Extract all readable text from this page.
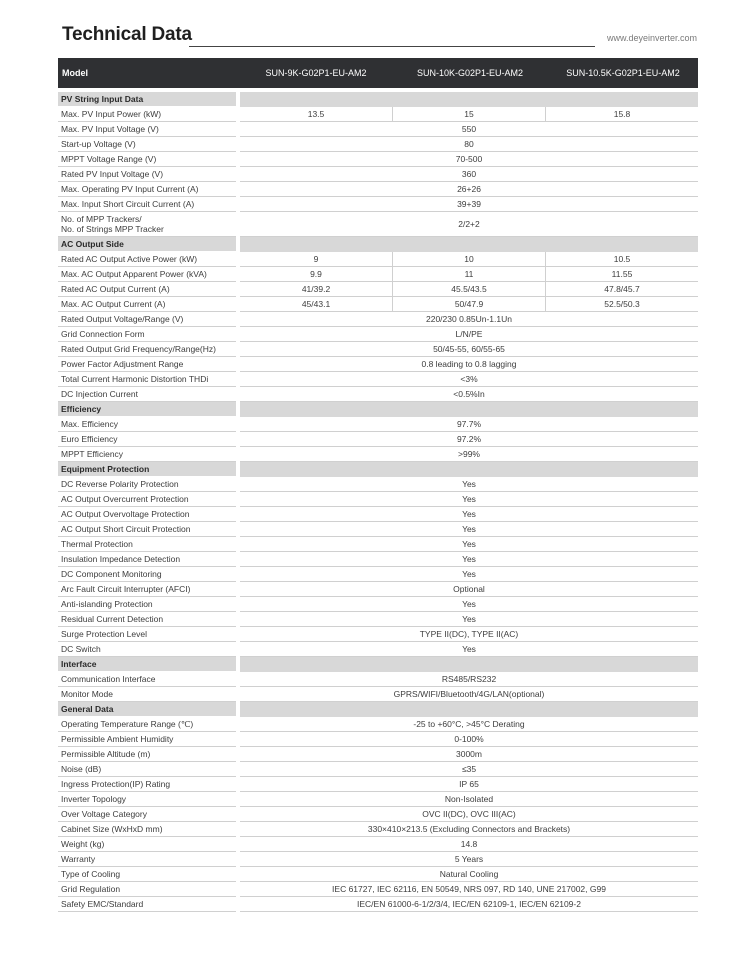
Technical Data	www.deyeinverter.com
Model	SUN-9K-G02P1-EU-AM2	SUN-10K-G02P1-EU-AM2	SUN-10.5K-G02P1-EU-AM2
PV String Input Data
Max. PV Input Power (kW)	13.5	15	15.8
Max. PV Input Voltage (V)	550
Start-up Voltage (V)	80
MPPT Voltage Range (V)	70-500
Rated PV Input Voltage (V)	360
Max. Operating PV Input Current (A)	26+26
Max. Input Short Circuit Current (A)	39+39
No. of MPP Trackers/
No. of Strings MPP Tracker	2/2+2
AC Output Side
Rated AC Output Active Power (kW)	9	10	10.5
Max. AC Output Apparent Power (kVA)	9.9	11	11.55
Rated AC Output Current (A)	41/39.2	45.5/43.5	47.8/45.7
Max. AC Output Current (A)	45/43.1	50/47.9	52.5/50.3
Rated Output Voltage/Range (V)	220/230 0.85Un-1.1Un
Grid Connection Form	L/N/PE
Rated Output Grid Frequency/Range(Hz)	50/45-55, 60/55-65
Power Factor Adjustment Range	0.8 leading to 0.8 lagging
Total Current Harmonic Distortion THDi	<3%
DC Injection Current	<0.5%In
Efficiency
Max. Efficiency	97.7%
Euro Efficiency	97.2%
MPPT Efficiency	>99%
Equipment Protection
DC Reverse Polarity Protection	Yes
AC Output Overcurrent Protection	Yes
AC Output Overvoltage Protection	Yes
AC Output Short Circuit Protection	Yes
Thermal Protection	Yes
Insulation Impedance Detection	Yes
DC Component Monitoring	Yes
Arc Fault Circuit Interrupter (AFCI)	Optional
Anti-islanding Protection	Yes
Residual Current Detection	Yes
Surge Protection Level	TYPE II(DC), TYPE II(AC)
DC Switch	Yes
Interface
Communication Interface	RS485/RS232
Monitor Mode	GPRS/WIFI/Bluetooth/4G/LAN(optional)
General Data
Operating Temperature Range (℃)	-25 to +60°C, >45°C Derating
Permissible Ambient Humidity	0-100%
Permissible Altitude (m)	3000m
Noise (dB)	≤35
Ingress Protection(IP) Rating	IP 65
Inverter Topology	Non-Isolated
Over Voltage Category	OVC II(DC), OVC III(AC)
Cabinet Size (WxHxD mm)	330×410×213.5 (Excluding Connectors and Brackets)
Weight (kg)	14.8
Warranty	5 Years
Type of Cooling	Natural Cooling
Grid Regulation	IEC 61727, IEC 62116, EN 50549, NRS 097, RD 140, UNE 217002, G99
Safety EMC/Standard	IEC/EN 61000-6-1/2/3/4, IEC/EN 62109-1, IEC/EN 62109-2
